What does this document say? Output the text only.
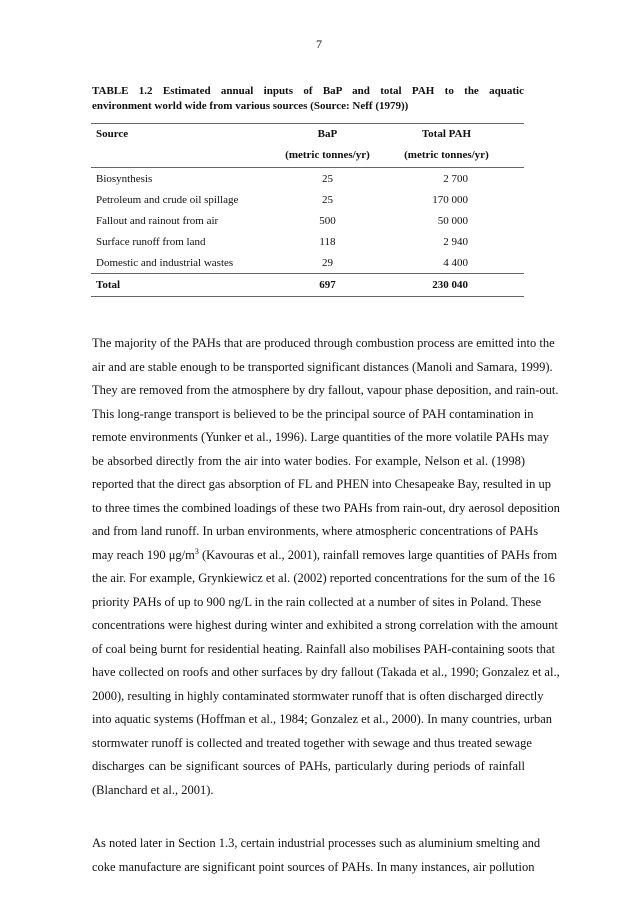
7
TABLE 1.2 Estimated annual inputs of BaP and total PAH to the aquatic
environment world wide from various sources (Source: Neff (1979))
Source	BaP	Total PAH
	(metric tonnes/yr)	(metric tonnes/yr)

Biosynthesis	25	2 700
Petroleum and crude oil spillage	25	170 000
Fallout and rainout from air	500	50 000
Surface runoff from land	118	2 940
Domestic and industrial wastes	29	4 400

Total	697	230 040

The majority of the PAHs that are produced through combustion process are emitted into the
air and are stable enough to be transported significant distances (Manoli and Samara, 1999).
They are removed from the atmosphere by dry fallout, vapour phase deposition, and rain-out.
This long-range transport is believed to be the principal source of PAH contamination in
remote environments (Yunker et al., 1996). Large quantities of the more volatile PAHs may
be absorbed directly from the air into water bodies. For example, Nelson et al. (1998)
reported that the direct gas absorption of FL and PHEN into Chesapeake Bay, resulted in up
to three times the combined loadings of these two PAHs from rain-out, dry aerosol deposition
and from land runoff. In urban environments, where atmospheric concentrations of PAHs
may reach 190 $\mu g/m^3$ (Kavouras et al., 2001), rainfall removes large quantities of PAHs from
the air. For example, Grynkiewicz et al. (2002) reported concentrations for the sum of the 16
priority PAHs of up to 900 ng/L in the rain collected at a number of sites in Poland. These
concentrations were highest during winter and exhibited a strong correlation with the amount
of coal being burnt for residential heating. Rainfall also mobilises PAH-containing soots that
have collected on roofs and other surfaces by dry fallout (Takada et al., 1990; Gonzalez et al.,
2000), resulting in highly contaminated stormwater runoff that is often discharged directly
into aquatic systems (Hoffman et al., 1984; Gonzalez et al., 2000). In many countries, urban
stormwater runoff is collected and treated together with sewage and thus treated sewage
discharges can be significant sources of PAHs, particularly during periods of rainfall
(Blanchard et al., 2001).
As noted later in Section 1.3, certain industrial processes such as aluminium smelting and
coke manufacture are significant point sources of PAHs. In many instances, air pollution
